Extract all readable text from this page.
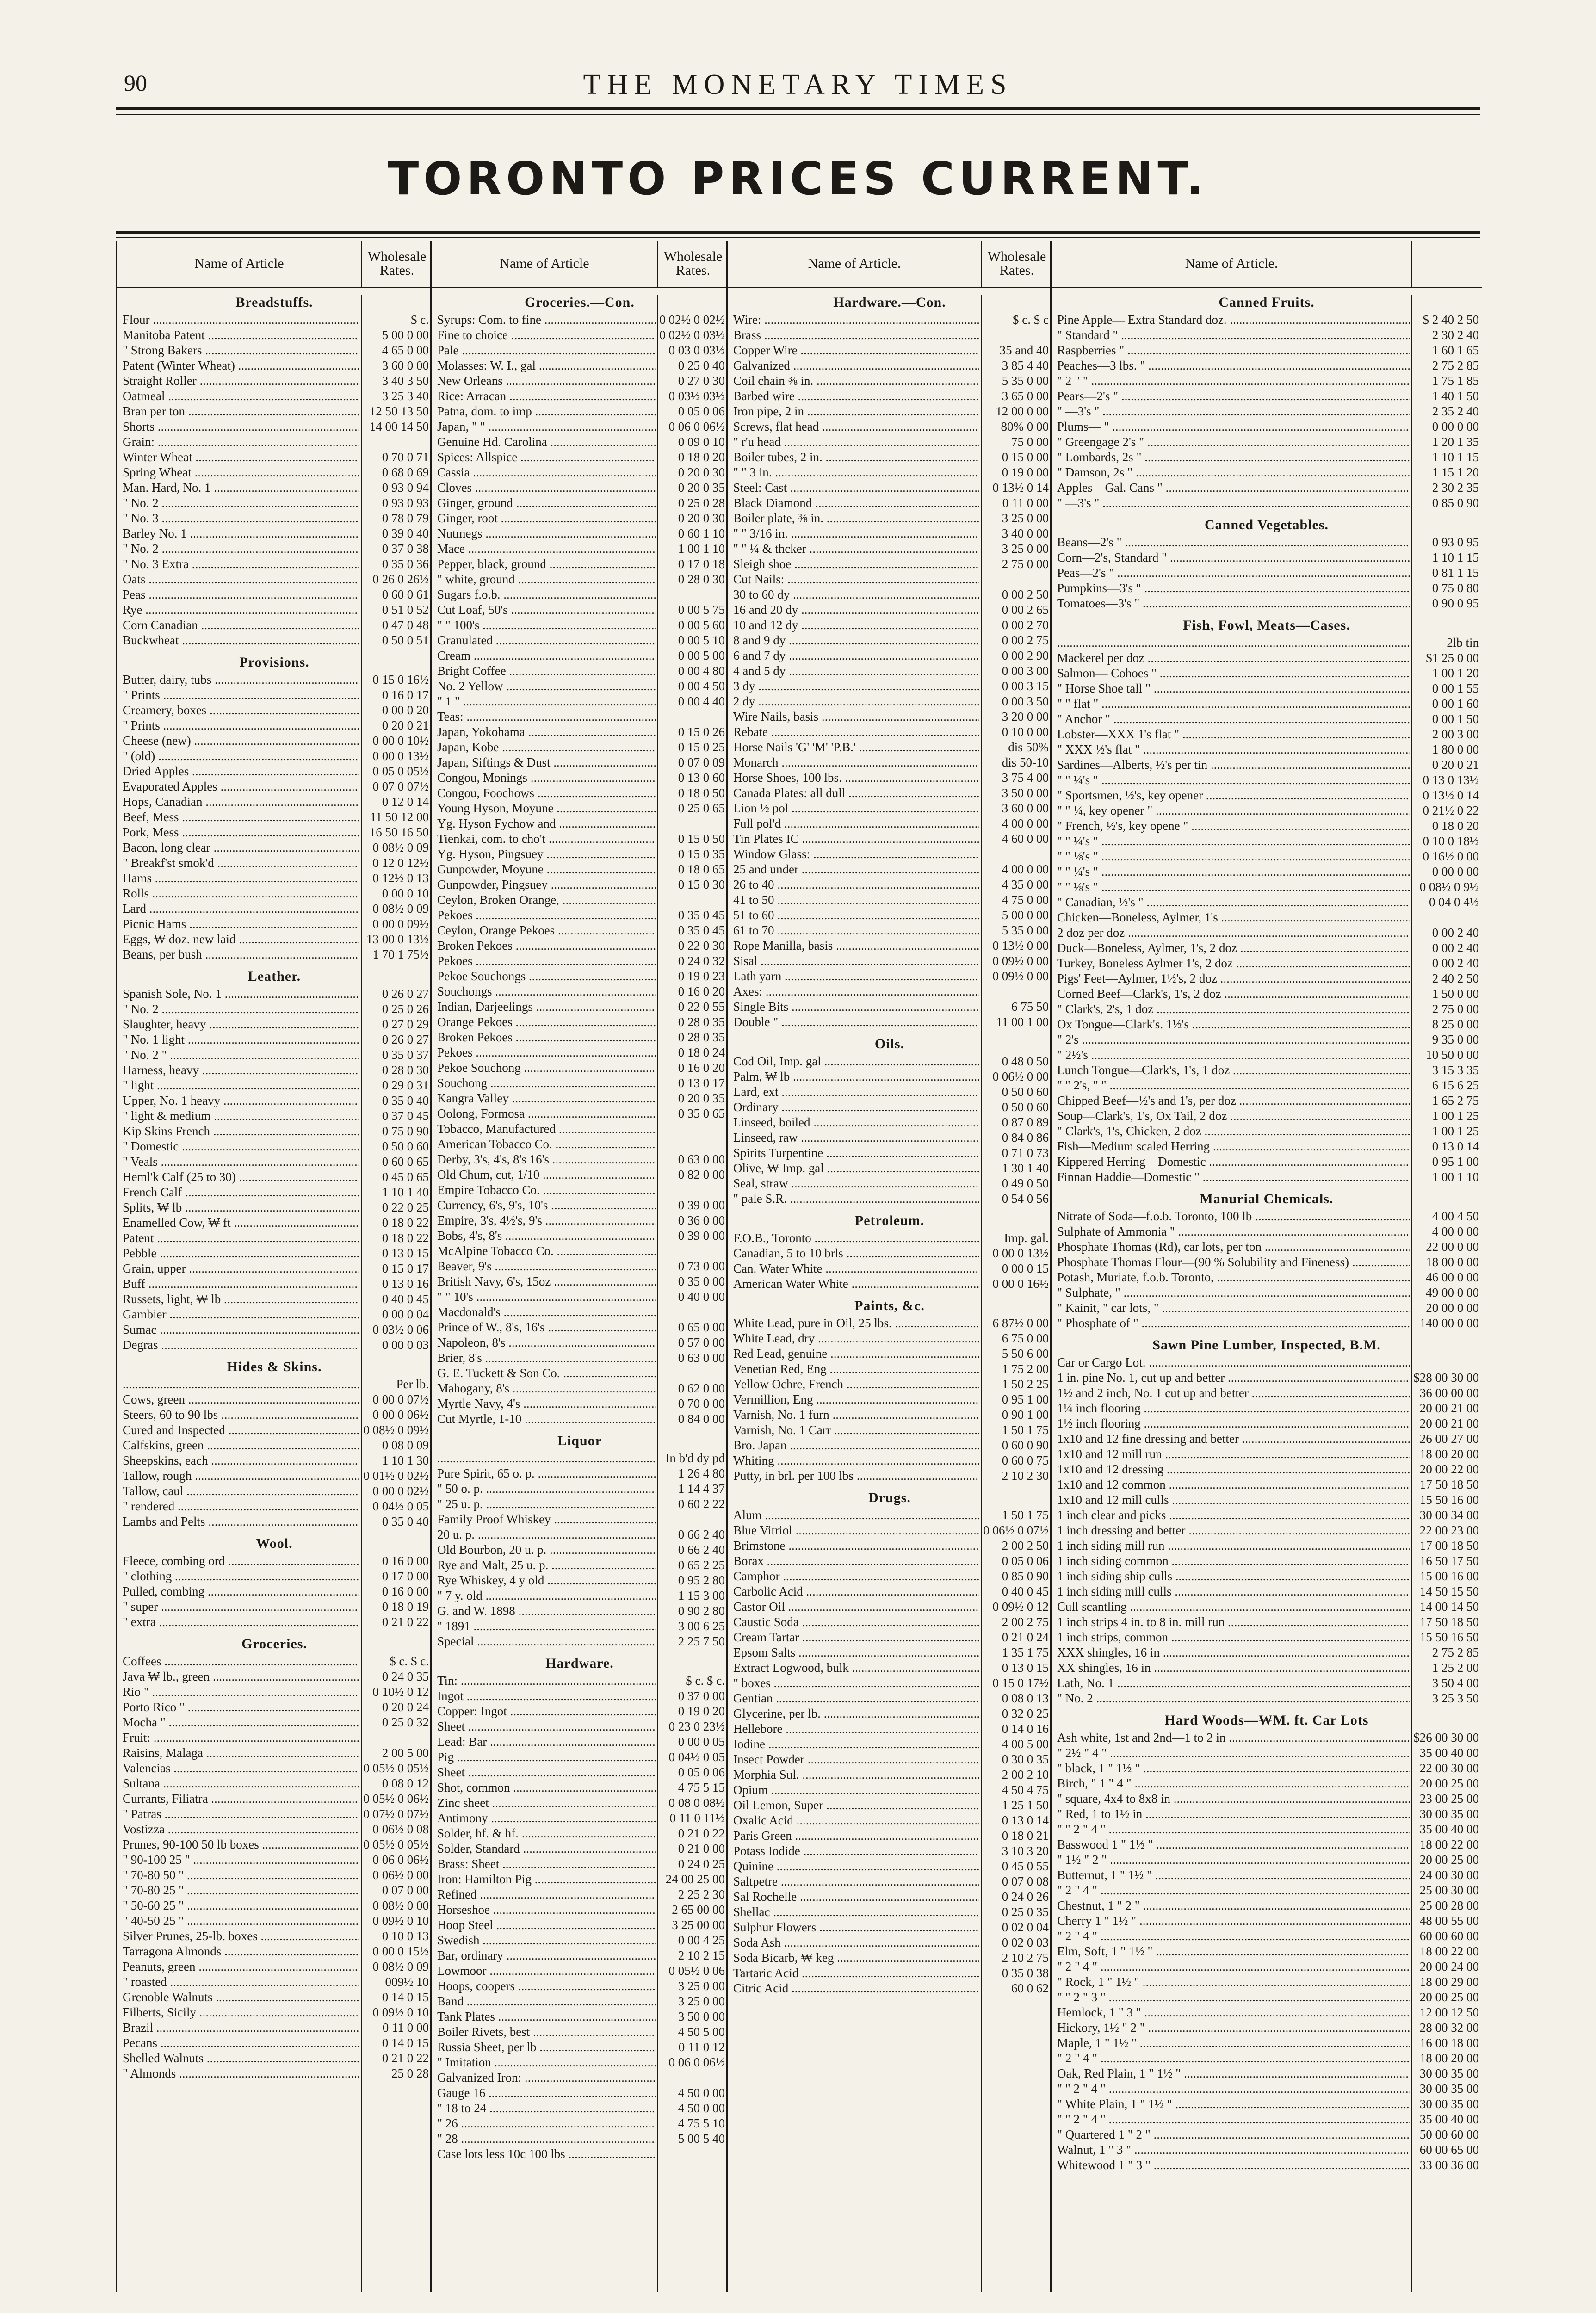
90	THE MONETARY TIMES
TORONTO PRICES CURRENT.
Name of Article	Wholesale Rates.
Breadstuffs.
Flour .....	$ c.
Manitoba Patent .....	5 00 0 00
" Strong Bakers .....	4 65 0 00
Patent (Winter Wheat) .....	3 60 0 00
Straight Roller .....	3 40 3 50
Oatmeal .....	3 25 3 40
Bran per ton .....	12 50 13 50
Shorts .....	14 00 14 50
Grain: .....
Winter Wheat .....	0 70 0 71
Spring Wheat .....	0 68 0 69
Man. Hard, No. 1 .....	0 93 0 94
" No. 2 .....	0 93 0 93
" No. 3 .....	0 78 0 79
Barley No. 1 .....	0 39 0 40
" No. 2 .....	0 37 0 38
" No. 3 Extra .....	0 35 0 36
Oats .....	0 26 0 26½
Peas .....	0 60 0 61
Rye .....	0 51 0 52
Corn Canadian .....	0 47 0 48
Buckwheat .....	0 50 0 51
Provisions.
Butter, dairy, tubs .....	0 15 0 16½
" Prints .....	0 16 0 17
Creamery, boxes .....	0 00 0 20
" Prints .....	0 20 0 21
Cheese (new) .....	0 00 0 10½
" (old) .....	0 00 0 13½
Dried Apples .....	0 05 0 05½
Evaporated Apples .....	0 07 0 07½
Hops, Canadian .....	0 12 0 14
Beef, Mess .....	11 50 12 00
Pork, Mess .....	16 50 16 50
Bacon, long clear .....	0 08½ 0 09
" Breakf'st smok'd .....	0 12 0 12½
Hams .....	0 12½ 0 13
Rolls .....	0 00 0 10
Lard .....	0 08½ 0 09
Picnic Hams .....	0 00 0 09½
Eggs, ₩ doz. new laid .....	13 00 0 13½
Beans, per bush .....	1 70 1 75½
Leather.
Spanish Sole, No. 1 .....	0 26 0 27
" No. 2 .....	0 25 0 26
Slaughter, heavy .....	0 27 0 29
" No. 1 light .....	0 26 0 27
" No. 2 " .....	0 35 0 37
Harness, heavy .....	0 28 0 30
" light .....	0 29 0 31
Upper, No. 1 heavy .....	0 35 0 40
" light & medium .....	0 37 0 45
Kip Skins French .....	0 75 0 90
" Domestic .....	0 50 0 60
" Veals .....	0 60 0 65
Heml'k Calf (25 to 30) .....	0 45 0 65
French Calf .....	1 10 1 40
Splits, ₩ lb .....	0 22 0 25
Enamelled Cow, ₩ ft .....	0 18 0 22
Patent .....	0 18 0 22
Pebble .....	0 13 0 15
Grain, upper .....	0 15 0 17
Buff .....	0 13 0 16
Russets, light, ₩ lb .....	0 40 0 45
Gambier .....	0 00 0 04
Sumac .....	0 03½ 0 06
Degras .....	0 00 0 03
Hides & Skins.
.....
Per lb.
Cows, green .....	0 00 0 07½
Steers, 60 to 90 lbs .....	0 00 0 06½
Cured and Inspected .....	0 08½ 0 09½
Calfskins, green .....	0 08 0 09
Sheepskins, each .....	1 10 1 30
Tallow, rough .....	0 01½ 0 02½
Tallow, caul .....	0 00 0 02½
" rendered .....	0 04½ 0 05
Lambs and Pelts .....	0 35 0 40
Wool.
Fleece, combing ord .....	0 16 0 00
" clothing .....	0 17 0 00
Pulled, combing .....	0 16 0 00
" super .....	0 18 0 19
" extra .....	0 21 0 22
Groceries.
Coffees .....	$ c. $ c.
Java ₩ lb., green .....	0 24 0 35
Rio " .....	0 10½ 0 12
Porto Rico " .....	0 20 0 24
Mocha " .....	0 25 0 32
Fruit: .....
Raisins, Malaga .....	2 00 5 00
Valencias .....	0 05½ 0 05½
Sultana .....	0 08 0 12
Currants, Filiatra .....	0 05½ 0 06½
" Patras .....	0 07½ 0 07½
Vostizza .....	0 06½ 0 08
Prunes, 90-100 50 lb boxes .....	0 05½ 0 05½
" 90-100 25 " .....	0 06 0 06½
" 70-80 50 " .....	0 06½ 0 00
" 70-80 25 " .....	0 07 0 00
" 50-60 25 " .....	0 08½ 0 00
" 40-50 25 " .....	0 09½ 0 10
Silver Prunes, 25-lb. boxes .....	0 10 0 13
Tarragona Almonds .....	0 00 0 15½
Peanuts, green .....	0 08½ 0 09
" roasted .....	009½ 10
Grenoble Walnuts .....	0 14 0 15
Filberts, Sicily .....	0 09½ 0 10
Brazil .....	0 11 0 00
Pecans .....	0 14 0 15
Shelled Walnuts .....	0 21 0 22
" Almonds .....	25 0 28
Name of Article	Wholesale Rates.
Groceries.—Con.
Syrups: Com. to fine .....	0 02½ 0 02½
Fine to choice .....	0 02½ 0 03½
Pale .....	0 03 0 03½
Molasses: W. I., gal .....	0 25 0 40
New Orleans .....	0 27 0 30
Rice: Arracan .....	0 03½ 03½
Patna, dom. to imp .....	0 05 0 06
Japan, " " .....	0 06 0 06½
Genuine Hd. Carolina .....	0 09 0 10
Spices: Allspice .....	0 18 0 20
Cassia .....	0 20 0 30
Cloves .....	0 20 0 35
Ginger, ground .....	0 25 0 28
Ginger, root .....	0 20 0 30
Nutmegs .....	0 60 1 10
Mace .....	1 00 1 10
Pepper, black, ground .....	0 17 0 18
" white, ground .....	0 28 0 30
Sugars f.o.b. .....
Cut Loaf, 50's .....	0 00 5 75
" " 100's .....	0 00 5 60
Granulated .....	0 00 5 10
Cream .....	0 00 5 00
Bright Coffee .....	0 00 4 80
No. 2 Yellow .....	0 00 4 50
" 1 " .....	0 00 4 40
Teas: .....
Japan, Yokohama .....	0 15 0 26
Japan, Kobe .....	0 15 0 25
Japan, Siftings & Dust .....	0 07 0 09
Congou, Monings .....	0 13 0 60
Congou, Foochows .....	0 18 0 50
Young Hyson, Moyune .....	0 25 0 65
Yg. Hyson Fychow and .....
Tienkai, com. to cho't .....	0 15 0 50
Yg. Hyson, Pingsuey .....	0 15 0 35
Gunpowder, Moyune .....	0 18 0 65
Gunpowder, Pingsuey .....	0 15 0 30
Ceylon, Broken Orange, .....
Pekoes .....	0 35 0 45
Ceylon, Orange Pekoes .....	0 35 0 45
Broken Pekoes .....	0 22 0 30
Pekoes .....	0 24 0 32
Pekoe Souchongs .....	0 19 0 23
Souchongs .....	0 16 0 20
Indian, Darjeelings .....	0 22 0 55
Orange Pekoes .....	0 28 0 35
Broken Pekoes .....	0 28 0 35
Pekoes .....	0 18 0 24
Pekoe Souchong .....	0 16 0 20
Souchong .....	0 13 0 17
Kangra Valley .....	0 20 0 35
Oolong, Formosa .....	0 35 0 65
Tobacco, Manufactured .....
American Tobacco Co. .....
Derby, 3's, 4's, 8's 16's .....	0 63 0 00
Old Chum, cut, 1/10 .....	0 82 0 00
Empire Tobacco Co. .....
Currency, 6's, 9's, 10's .....	0 39 0 00
Empire, 3's, 4½'s, 9's .....	0 36 0 00
Bobs, 4's, 8's .....	0 39 0 00
McAlpine Tobacco Co. .....
Beaver, 9's .....	0 73 0 00
British Navy, 6's, 15oz .....	0 35 0 00
" " 10's .....	0 40 0 00
Macdonald's .....
Prince of W., 8's, 16's .....	0 65 0 00
Napoleon, 8's .....	0 57 0 00
Brier, 8's .....	0 63 0 00
G. E. Tuckett & Son Co. .....
Mahogany, 8's .....	0 62 0 00
Myrtle Navy, 4's .....	0 70 0 00
Cut Myrtle, 1-10 .....	0 84 0 00
Liquor
.....
In b'd dy pd
Pure Spirit, 65 o. p. .....	1 26 4 80
" 50 o. p. .....	1 14 4 37
" 25 u. p. .....	0 60 2 22
Family Proof Whiskey .....
20 u. p. .....	0 66 2 40
Old Bourbon, 20 u. p. .....	0 66 2 40
Rye and Malt, 25 u. p. .....	0 65 2 25
Rye Whiskey, 4 y old .....	0 95 2 80
" 7 y. old .....	1 15 3 00
G. and W. 1898 .....	0 90 2 80
" 1891 .....	3 00 6 25
Special .....	2 25 7 50
Hardware.
Tin: .....	$ c. $ c.
Ingot .....	0 37 0 00
Copper: Ingot .....	0 19 0 20
Sheet .....	0 23 0 23½
Lead: Bar .....	0 00 0 05
Pig .....	0 04½ 0 05
Sheet .....	0 05 0 06
Shot, common .....	4 75 5 15
Zinc sheet .....	0 08 0 08½
Antimony .....	0 11 0 11½
Solder, hf. & hf. .....	0 21 0 22
Solder, Standard .....	0 21 0 00
Brass: Sheet .....	0 24 0 25
Iron: Hamilton Pig .....	24 00 25 00
Refined .....	2 25 2 30
Horseshoe .....	2 65 00 00
Hoop Steel .....	3 25 00 00
Swedish .....	0 00 4 25
Bar, ordinary .....	2 10 2 15
Lowmoor .....	0 05½ 0 06
Hoops, coopers .....	3 25 0 00
Band .....	3 25 0 00
Tank Plates .....	3 50 0 00
Boiler Rivets, best .....	4 50 5 00
Russia Sheet, per lb .....	0 11 0 12
" Imitation .....	0 06 0 06½
Galvanized Iron: .....
Gauge 16 .....	4 50 0 00
" 18 to 24 .....	4 50 0 00
" 26 .....	4 75 5 10
" 28 .....	5 00 5 40
Case lots less 10c 100 lbs .....
Name of Article.	Wholesale Rates.
Hardware.—Con.
Wire: .....	$ c. $ c
Brass .....
Copper Wire .....	35 and 40
Galvanized .....	3 85 4 40
Coil chain ⅜ in. .....	5 35 0 00
Barbed wire .....	3 65 0 00
Iron pipe, 2 in .....	12 00 0 00
Screws, flat head .....	80% 0 00
" r'u head .....	75 0 00
Boiler tubes, 2 in. .....	0 15 0 00
" " 3 in. .....	0 19 0 00
Steel: Cast .....	0 13½ 0 14
Black Diamond .....	0 11 0 00
Boiler plate, ⅜ in. .....	3 25 0 00
" " 3/16 in. .....	3 40 0 00
" " ¼ & thcker .....	3 25 0 00
Sleigh shoe .....	2 75 0 00
Cut Nails: .....
30 to 60 dy .....	0 00 2 50
16 and 20 dy .....	0 00 2 65
10 and 12 dy .....	0 00 2 70
8 and 9 dy .....	0 00 2 75
6 and 7 dy .....	0 00 2 90
4 and 5 dy .....	0 00 3 00
3 dy .....	0 00 3 15
2 dy .....	0 00 3 50
Wire Nails, basis .....	3 20 0 00
Rebate .....	0 10 0 00
Horse Nails 'G' 'M' 'P.B.' .....	dis 50%
Monarch .....	dis 50-10
Horse Shoes, 100 lbs. .....	3 75 4 00
Canada Plates: all dull .....	3 50 0 00
Lion ½ pol .....	3 60 0 00
Full pol'd .....	4 00 0 00
Tin Plates IC .....	4 60 0 00
Window Glass: .....
25 and under .....	4 00 0 00
26 to 40 .....	4 35 0 00
41 to 50 .....	4 75 0 00
51 to 60 .....	5 00 0 00
61 to 70 .....	5 35 0 00
Rope Manilla, basis .....	0 13½ 0 00
Sisal .....	0 09½ 0 00
Lath yarn .....	0 09½ 0 00
Axes: .....
Single Bits .....	6 75 50
Double " .....	11 00 1 00
Oils.
Cod Oil, Imp. gal .....	0 48 0 50
Palm, ₩ lb .....	0 06½ 0 00
Lard, ext .....	0 50 0 60
Ordinary .....	0 50 0 60
Linseed, boiled .....	0 87 0 89
Linseed, raw .....	0 84 0 86
Spirits Turpentine .....	0 71 0 73
Olive, ₩ Imp. gal .....	1 30 1 40
Seal, straw .....	0 49 0 50
" pale S.R. .....	0 54 0 56
Petroleum.
F.O.B., Toronto .....	Imp. gal.
Canadian, 5 to 10 brls .....	0 00 0 13½
Can. Water White .....	0 00 0 15
American Water White .....	0 00 0 16½
Paints, &c.
White Lead, pure in Oil, 25 lbs. .....	6 87½ 0 00
White Lead, dry .....	6 75 0 00
Red Lead, genuine .....	5 50 6 00
Venetian Red, Eng .....	1 75 2 00
Yellow Ochre, French .....	1 50 2 25
Vermillion, Eng .....	0 95 1 00
Varnish, No. 1 furn .....	0 90 1 00
Varnish, No. 1 Carr .....	1 50 1 75
Bro. Japan .....	0 60 0 90
Whiting .....	0 60 0 75
Putty, in brl. per 100 lbs .....	2 10 2 30
Drugs.
Alum .....	1 50 1 75
Blue Vitriol .....	0 06½ 0 07½
Brimstone .....	2 00 2 50
Borax .....	0 05 0 06
Camphor .....	0 85 0 90
Carbolic Acid .....	0 40 0 45
Castor Oil .....	0 09½ 0 12
Caustic Soda .....	2 00 2 75
Cream Tartar .....	0 21 0 24
Epsom Salts .....	1 35 1 75
Extract Logwood, bulk .....	0 13 0 15
" boxes .....	0 15 0 17½
Gentian .....	0 08 0 13
Glycerine, per lb. .....	0 32 0 25
Hellebore .....	0 14 0 16
Iodine .....	4 00 5 00
Insect Powder .....	0 30 0 35
Morphia Sul. .....	2 00 2 10
Opium .....	4 50 4 75
Oil Lemon, Super .....	1 25 1 50
Oxalic Acid .....	0 13 0 14
Paris Green .....	0 18 0 21
Potass Iodide .....	3 10 3 20
Quinine .....	0 45 0 55
Saltpetre .....	0 07 0 08
Sal Rochelle .....	0 24 0 26
Shellac .....	0 25 0 35
Sulphur Flowers .....	0 02 0 04
Soda Ash .....	0 02 0 03
Soda Bicarb, ₩ keg .....	2 10 2 75
Tartaric Acid .....	0 35 0 38
Citric Acid .....	60 0 62
Name of Article.
Canned Fruits.
Pine Apple— Extra Standard doz. .....	$ 2 40 2 50
" Standard " .....	2 30 2 40
Raspberries " .....	1 60 1 65
Peaches—3 lbs. " .....	2 75 2 85
" 2 " " .....	1 75 1 85
Pears—2's " .....	1 40 1 50
" —3's " .....	2 35 2 40
Plums— " .....	0 00 0 00
" Greengage 2's " .....	1 20 1 35
" Lombards, 2s " .....	1 10 1 15
" Damson, 2s " .....	1 15 1 20
Apples—Gal. Cans " .....	2 30 2 35
" —3's " .....	0 85 0 90
Canned Vegetables.
Beans—2's " .....	0 93 0 95
Corn—2's, Standard " .....	1 10 1 15
Peas—2's " .....	0 81 1 15
Pumpkins—3's " .....	0 75 0 80
Tomatoes—3's " .....	0 90 0 95
Fish, Fowl, Meats—Cases.
.....
2lb tin
Mackerel per doz .....	$1 25 0 00
Salmon— Cohoes " .....	1 00 1 20
" Horse Shoe tall " .....	0 00 1 55
" " flat " .....	0 00 1 60
" Anchor " .....	0 00 1 50
Lobster—XXX 1's flat " .....	2 00 3 00
" XXX ½'s flat " .....	1 80 0 00
Sardines—Alberts, ½'s per tin .....	0 20 0 21
" " ¼'s " .....	0 13 0 13½
" Sportsmen, ½'s, key opener .....	0 13½ 0 14
" " ¼, key opener " .....	0 21½ 0 22
" French, ½'s, key opene " .....	0 18 0 20
" " ¼'s " .....	0 10 0 18½
" " ⅛'s " .....	0 16½ 0 00
" " ¼'s " .....	0 00 0 00
" " ⅛'s " .....	0 08½ 0 9½
" Canadian, ½'s " .....	0 04 0 4½
Chicken—Boneless, Aylmer, 1's .....
2 doz per doz .....	0 00 2 40
Duck—Boneless, Aylmer, 1's, 2 doz .....	0 00 2 40
Turkey, Boneless Aylmer 1's, 2 doz .....	0 00 2 40
Pigs' Feet—Aylmer, 1½'s, 2 doz .....	2 40 2 50
Corned Beef—Clark's, 1's, 2 doz .....	1 50 0 00
" Clark's, 2's, 1 doz .....	2 75 0 00
Ox Tongue—Clark's. 1½'s .....	8 25 0 00
" 2's .....	9 35 0 00
" 2½'s .....	10 50 0 00
Lunch Tongue—Clark's, 1's, 1 doz .....	3 15 3 35
" " 2's, " " .....	6 15 6 25
Chipped Beef—½'s and 1's, per doz .....	1 65 2 75
Soup—Clark's, 1's, Ox Tail, 2 doz .....	1 00 1 25
" Clark's, 1's, Chicken, 2 doz .....	1 00 1 25
Fish—Medium scaled Herring .....	0 13 0 14
Kippered Herring—Domestic .....	0 95 1 00
Finnan Haddie—Domestic " .....	1 00 1 10
Manurial Chemicals.
Nitrate of Soda—f.o.b. Toronto, 100 lb .....	4 00 4 50
Sulphate of Ammonia " .....	4 00 0 00
Phosphate Thomas (Rd), car lots, per ton .....	22 00 0 00
Phosphate Thomas Flour—(90 % Solubility and Fineness) .....	18 00 0 00
Potash, Muriate, f.o.b. Toronto, .....	46 00 0 00
" Sulphate, " .....	49 00 0 00
" Kainit, " car lots, " .....	20 00 0 00
" Phosphate of " .....	140 00 0 00
Sawn Pine Lumber, Inspected, B.M.
Car or Cargo Lot. .....
1 in. pine No. 1, cut up and better .....	$28 00 30 00
1½ and 2 inch, No. 1 cut up and better .....	36 00 00 00
1¼ inch flooring .....	20 00 21 00
1½ inch flooring .....	20 00 21 00
1x10 and 12 fine dressing and better .....	26 00 27 00
1x10 and 12 mill run .....	18 00 20 00
1x10 and 12 dressing .....	20 00 22 00
1x10 and 12 common .....	17 50 18 50
1x10 and 12 mill culls .....	15 50 16 00
1 inch clear and picks .....	30 00 34 00
1 inch dressing and better .....	22 00 23 00
1 inch siding mill run .....	17 00 18 50
1 inch siding common .....	16 50 17 50
1 inch siding ship culls .....	15 00 16 00
1 inch siding mill culls .....	14 50 15 50
Cull scantling .....	14 00 14 50
1 inch strips 4 in. to 8 in. mill run .....	17 50 18 50
1 inch strips, common .....	15 50 16 50
XXX shingles, 16 in .....	2 75 2 85
XX shingles, 16 in .....	1 25 2 00
Lath, No. 1 .....	3 50 4 00
" No. 2 .....	3 25 3 50
Hard Woods—₩M. ft. Car Lots
Ash white, 1st and 2nd—1 to 2 in .....	$26 00 30 00
" 2½ " 4 " .....	35 00 40 00
" black, 1 " 1½ " .....	22 00 30 00
Birch, " 1 " 4 " .....	20 00 25 00
" square, 4x4 to 8x8 in .....	23 00 25 00
" Red, 1 to 1½ in .....	30 00 35 00
" " 2 " 4 " .....	35 00 40 00
Basswood 1 " 1½ " .....	18 00 22 00
" 1½ " 2 " .....	20 00 25 00
Butternut, 1 " 1½ " .....	24 00 30 00
" 2 " 4 " .....	25 00 30 00
Chestnut, 1 " 2 " .....	25 00 28 00
Cherry 1 " 1½ " .....	48 00 55 00
" 2 " 4 " .....	60 00 60 00
Elm, Soft, 1 " 1½ " .....	18 00 22 00
" 2 " 4 " .....	20 00 24 00
" Rock, 1 " 1½ " .....	18 00 29 00
" " 2 " 3 " .....	20 00 25 00
Hemlock, 1 " 3 " .....	12 00 12 50
Hickory, 1½ " 2 " .....	28 00 32 00
Maple, 1 " 1½ " .....	16 00 18 00
" 2 " 4 " .....	18 00 20 00
Oak, Red Plain, 1 " 1½ " .....	30 00 35 00
" " 2 " 4 " .....	30 00 35 00
" White Plain, 1 " 1½ " .....	30 00 35 00
" " 2 " 4 " .....	35 00 40 00
" Quartered 1 " 2 " .....	50 00 60 00
Walnut, 1 " 3 " .....	60 00 65 00
Whitewood 1 " 3 " .....	33 00 36 00
